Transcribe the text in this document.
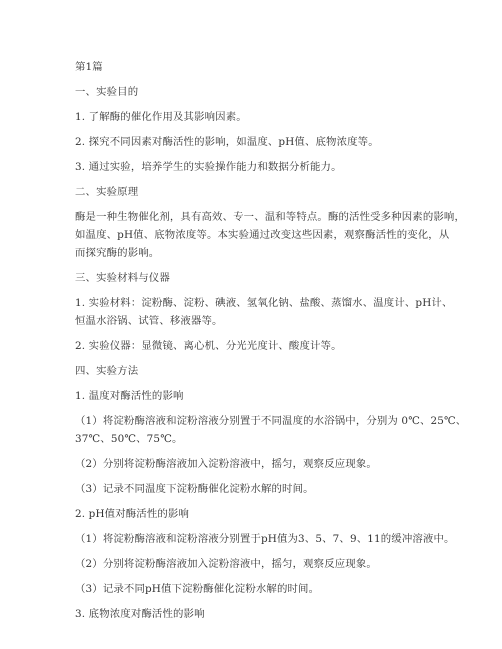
第1篇
一、实验目的
1. 了解酶的催化作用及其影响因素。
2. 探究不同因素对酶活性的影响，如温度、pH值、底物浓度等。
3. 通过实验，培养学生的实验操作能力和数据分析能力。
二、实验原理
酶是一种生物催化剂，具有高效、专一、温和等特点。酶的活性受多种因素的影响，
如温度、pH值、底物浓度等。本实验通过改变这些因素，观察酶活性的变化，从
而探究酶的影响。
三、实验材料与仪器
1. 实验材料：淀粉酶、淀粉、碘液、氢氧化钠、盐酸、蒸馏水、温度计、pH计、
恒温水浴锅、试管、移液器等。
2. 实验仪器：显微镜、离心机、分光光度计、酸度计等。
四、实验方法
1. 温度对酶活性的影响
（1）将淀粉酶溶液和淀粉溶液分别置于不同温度的水浴锅中，分别为 0℃、25℃、
37℃、50℃、75℃。
（2）分别将淀粉酶溶液加入淀粉溶液中，摇匀，观察反应现象。
（3）记录不同温度下淀粉酶催化淀粉水解的时间。
2. pH值对酶活性的影响
（1）将淀粉酶溶液和淀粉溶液分别置于pH值为3、5、7、9、11的缓冲溶液中。
（2）分别将淀粉酶溶液加入淀粉溶液中，摇匀，观察反应现象。
（3）记录不同pH值下淀粉酶催化淀粉水解的时间。
3. 底物浓度对酶活性的影响
